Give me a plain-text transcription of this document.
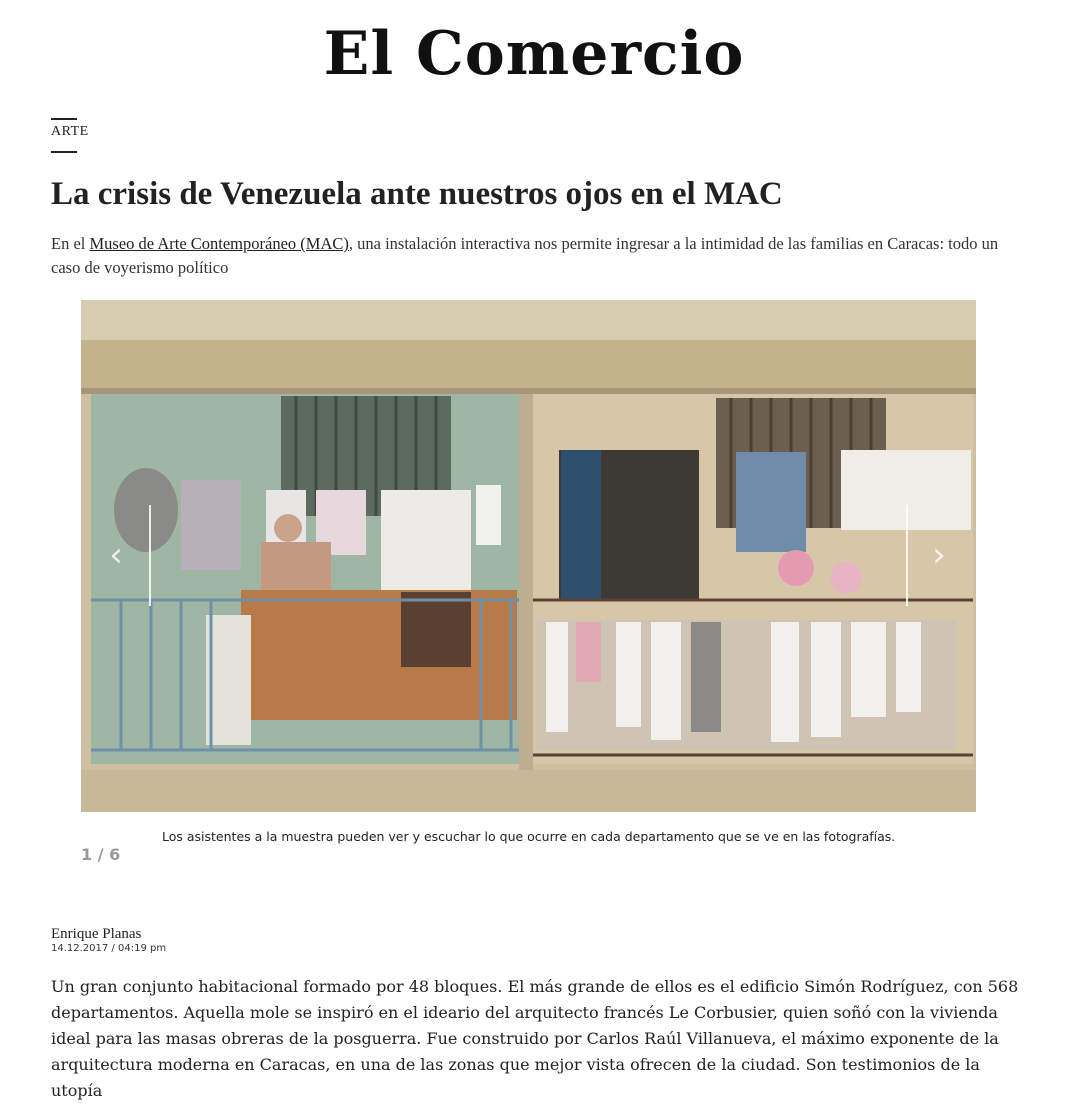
El Comercio
ARTE
La crisis de Venezuela ante nuestros ojos en el MAC

En el Museo de Arte Contemporáneo (MAC), una instalación interactiva nos permite ingresar a la intimidad de las familias en Caracas: todo un caso de voyerismo político

‹	›

Los asistentes a la muestra pueden ver y escuchar lo que ocurre en cada departamento que se ve en las fotografías.

1 / 6
Enrique Planas
14.12.2017 / 04:19 pm

Un gran conjunto habitacional formado por 48 bloques. El más grande de ellos es el edificio Simón Rodríguez, con 568 departamentos. Aquella mole se inspiró en el ideario del arquitecto francés Le Corbusier, quien soñó con la vivienda ideal para las masas obreras de la posguerra. Fue construido por Carlos Raúl Villanueva, el máximo exponente de la arquitectura moderna en Caracas, en una de las zonas que mejor vista ofrecen de la ciudad. Son testimonios de la utopía
